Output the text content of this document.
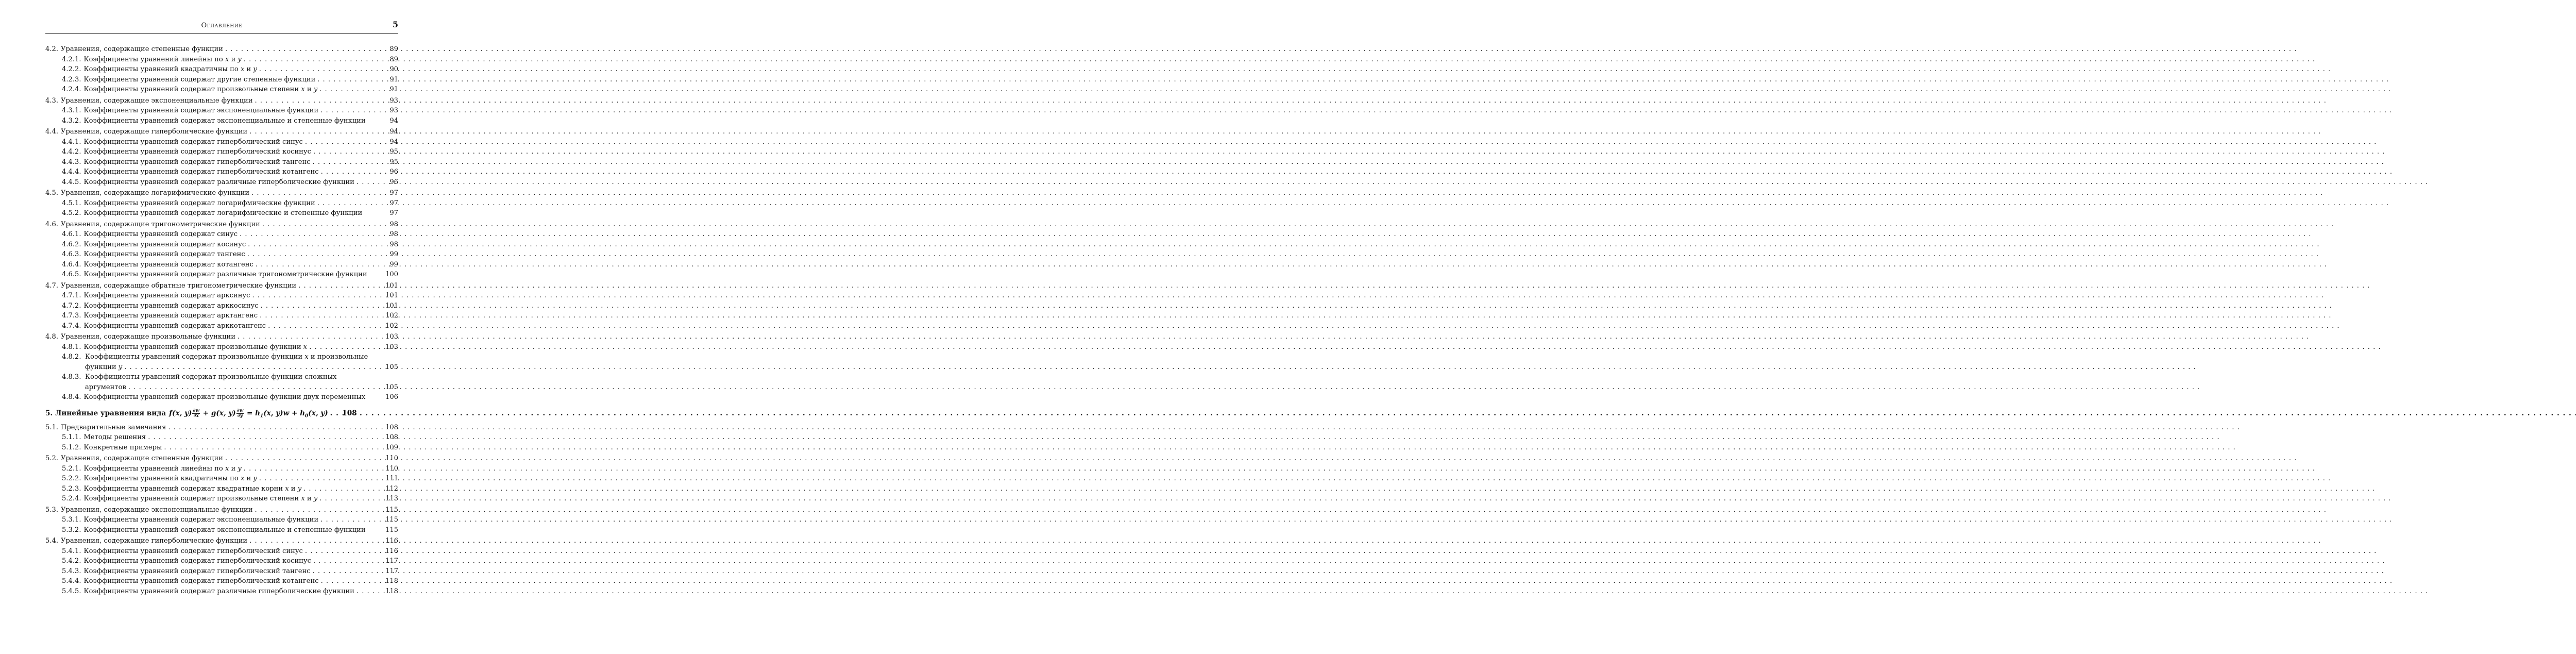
Оглавление	5
4.2. Уравнения, содержащие степенные функции . . .	89
4.2.1. Коэффициенты уравнений линейны по x и y . . .	89
4.2.2. Коэффициенты уравнений квадратичны по x и y . . .	90
4.2.3. Коэффициенты уравнений содержат другие степенные функции . . .	91
4.2.4. Коэффициенты уравнений содержат произвольные степени x и y . . .	91
4.3. Уравнения, содержащие экспоненциальные функции . . .	93
4.3.1. Коэффициенты уравнений содержат экспоненциальные функции . . .	93
4.3.2. Коэффициенты уравнений содержат экспоненциальные и степенные функции	94
4.4. Уравнения, содержащие гиперболические функции . . .	94
4.4.1. Коэффициенты уравнений содержат гиперболический синус . . .	94
4.4.2. Коэффициенты уравнений содержат гиперболический косинус . . .	95
4.4.3. Коэффициенты уравнений содержат гиперболический тангенс . . .	95
4.4.4. Коэффициенты уравнений содержат гиперболический котангенс . . .	96
4.4.5. Коэффициенты уравнений содержат различные гиперболические функции . . .	96
4.5. Уравнения, содержащие логарифмические функции . . .	97
4.5.1. Коэффициенты уравнений содержат логарифмические функции . . .	97
4.5.2. Коэффициенты уравнений содержат логарифмические и степенные функции	97
4.6. Уравнения, содержащие тригонометрические функции . . .	98
4.6.1. Коэффициенты уравнений содержат синус . . .	98
4.6.2. Коэффициенты уравнений содержат косинус . . .	98
4.6.3. Коэффициенты уравнений содержат тангенс . . .	99
4.6.4. Коэффициенты уравнений содержат котангенс . . .	99
4.6.5. Коэффициенты уравнений содержат различные тригонометрические функции	100
4.7. Уравнения, содержащие обратные тригонометрические функции . . .	101
4.7.1. Коэффициенты уравнений содержат арксинус . . .	101
4.7.2. Коэффициенты уравнений содержат арккосинус . . .	101
4.7.3. Коэффициенты уравнений содержат арктангенс . . .	102
4.7.4. Коэффициенты уравнений содержат арккотангенс . . .	102
4.8. Уравнения, содержащие произвольные функции . . .	103
4.8.1. Коэффициенты уравнений содержат произвольные функции x . . .	103
4.8.2. Коэффициенты уравнений содержат произвольные функции x и произвольные
функции y . . .	105
4.8.3. Коэффициенты уравнений содержат произвольные функции сложных
аргументов . . .	105
4.8.4. Коэффициенты уравнений содержат произвольные функции двух переменных	106
5. Линейные уравнения вида f(x, $y) \frac{\partial w}{\partial x} + g(x$, $y) \frac{\partial w}{\partial y} = h_1(x$, $y)w + h_0(x$, y) . . .	108
5.1. Предварительные замечания . . .	108
5.1.1. Методы решения . . .	108
5.1.2. Конкретные примеры . . .	109
5.2. Уравнения, содержащие степенные функции . . .	110
5.2.1. Коэффициенты уравнений линейны по x и y . . .	110
5.2.2. Коэффициенты уравнений квадратичны по x и y . . .	111
5.2.3. Коэффициенты уравнений содержат квадратные корни x и y . . .	112
5.2.4. Коэффициенты уравнений содержат произвольные степени x и y . . .	113
5.3. Уравнения, содержащие экспоненциальные функции . . .	115
5.3.1. Коэффициенты уравнений содержат экспоненциальные функции . . .	115
5.3.2. Коэффициенты уравнений содержат экспоненциальные и степенные функции	115
5.4. Уравнения, содержащие гиперболические функции . . .	116
5.4.1. Коэффициенты уравнений содержат гиперболический синус . . .	116
5.4.2. Коэффициенты уравнений содержат гиперболический косинус . . .	117
5.4.3. Коэффициенты уравнений содержат гиперболический тангенс . . .	117
5.4.4. Коэффициенты уравнений содержат гиперболический котангенс . . .	118
5.4.5. Коэффициенты уравнений содержат различные гиперболические функции . . .	118
